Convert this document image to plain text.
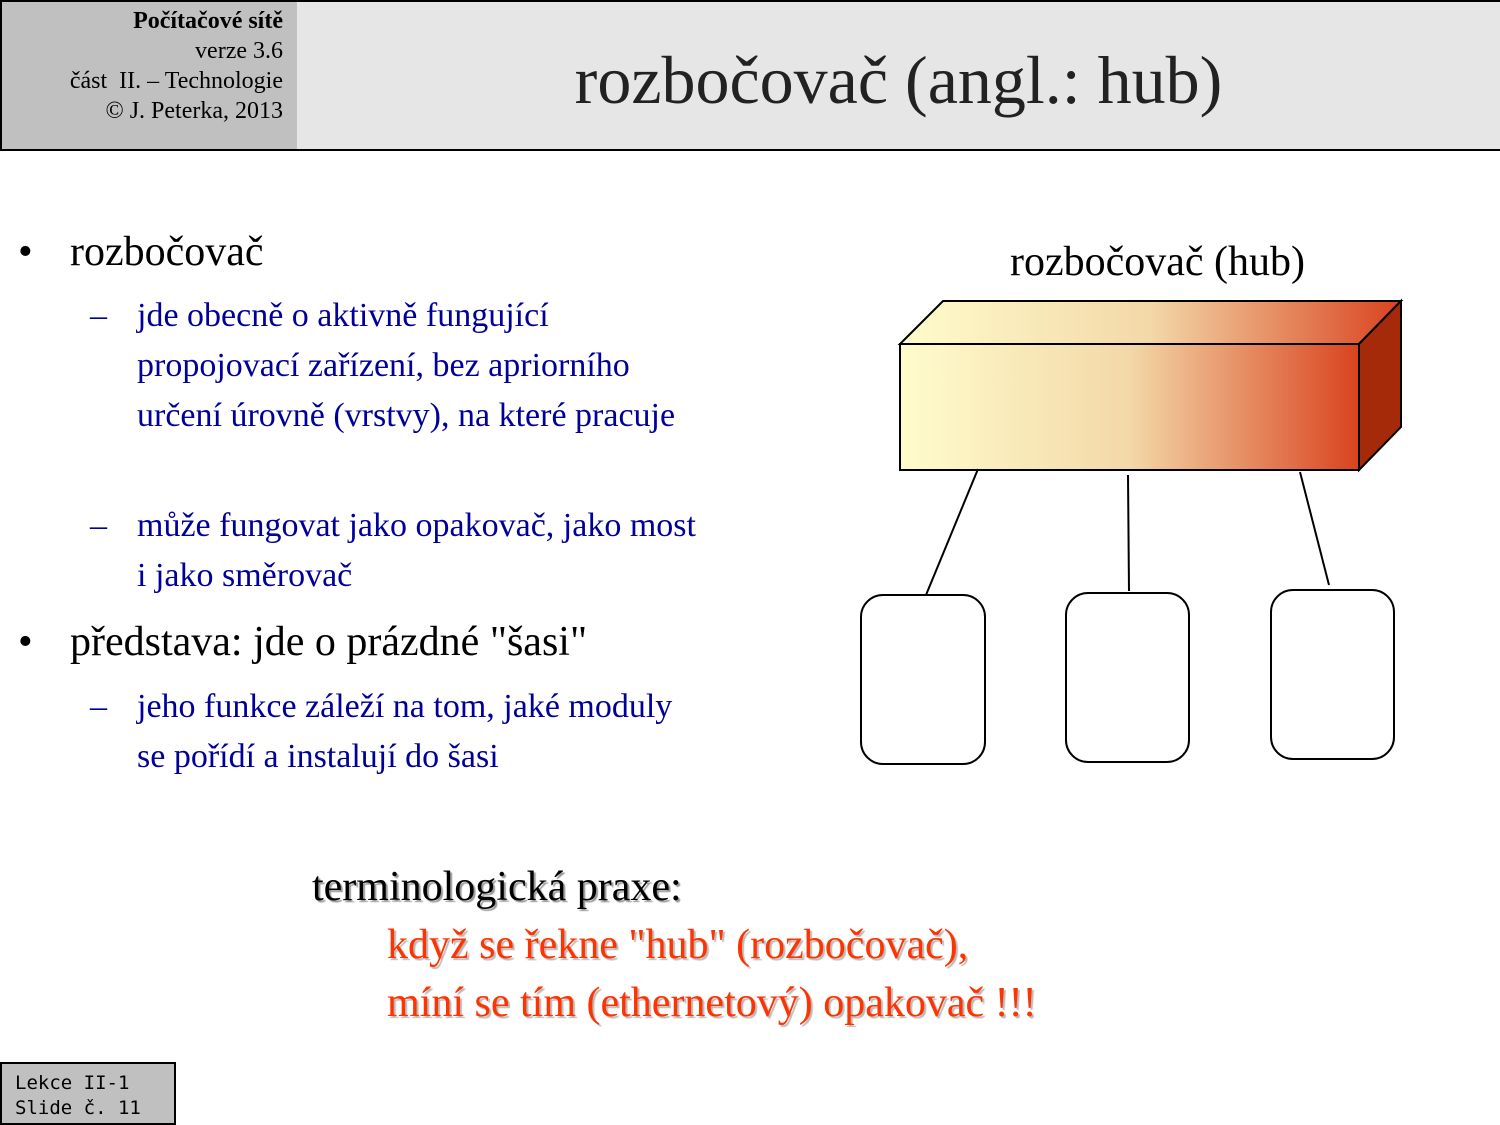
Počítačové sítě
verze 3.6
část  II. – Technologie
© J. Peterka, 2013	rozbočovač (angl.: hub)
• rozbočovač
– jde obecně o aktivně fungující propojovací zařízení, bez apriorního určení úrovně (vrstvy), na které pracuje
– může fungovat jako opakovač, jako most i jako směrovač
• představa: jde o prázdné "šasi"
– jeho funkce záleží na tom, jaké moduly se pořídí a instalují do šasi
rozbočovač (hub)
terminologická praxe:
když se řekne "hub" (rozbočovač),
míní se tím (ethernetový) opakovač !!!
Lekce II-1
Slide č. 11
